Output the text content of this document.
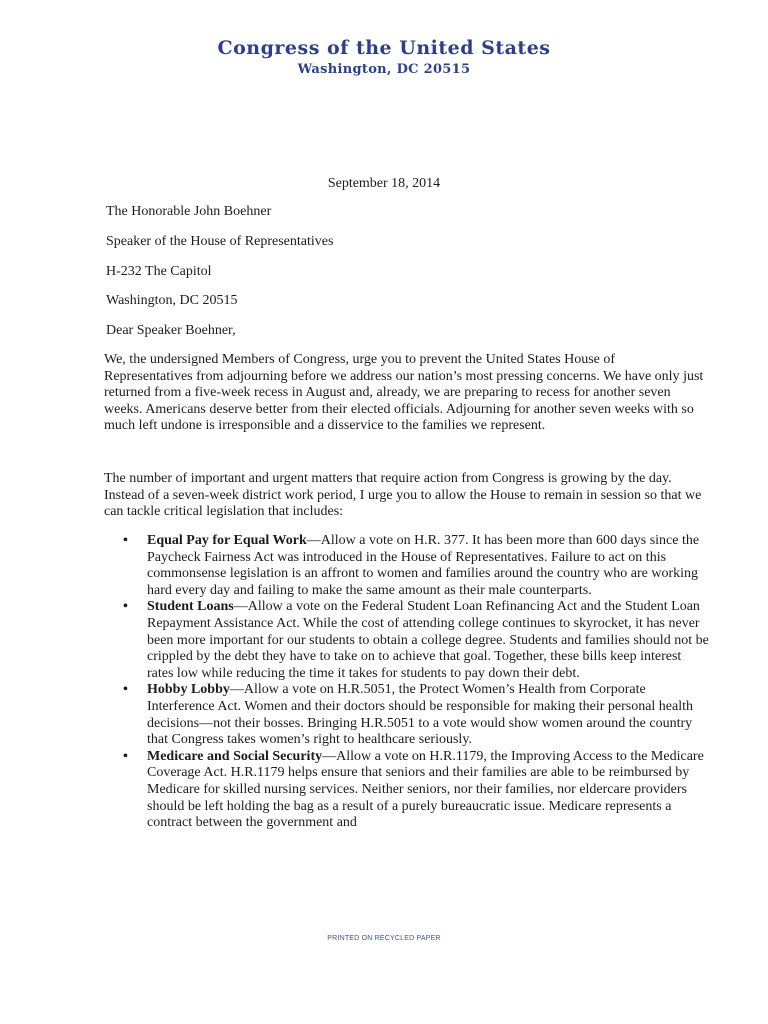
Congress of the United States
Washington, DC 20515
September 18, 2014
The Honorable John Boehner
Speaker of the House of Representatives
H-232 The Capitol
Washington, DC 20515
Dear Speaker Boehner,
We, the undersigned Members of Congress, urge you to prevent the United States House of Representatives from adjourning before we address our nation’s most pressing concerns. We have only just returned from a five-week recess in August and, already, we are preparing to recess for another seven weeks. Americans deserve better from their elected officials. Adjourning for another seven weeks with so much left undone is irresponsible and a disservice to the families we represent.
The number of important and urgent matters that require action from Congress is growing by the day. Instead of a seven-week district work period, I urge you to allow the House to remain in session so that we can tackle critical legislation that includes:
• Equal Pay for Equal Work—Allow a vote on H.R. 377. It has been more than 600 days since the Paycheck Fairness Act was introduced in the House of Representatives. Failure to act on this commonsense legislation is an affront to women and families around the country who are working hard every day and failing to make the same amount as their male counterparts.
• Student Loans—Allow a vote on the Federal Student Loan Refinancing Act and the Student Loan Repayment Assistance Act. While the cost of attending college continues to skyrocket, it has never been more important for our students to obtain a college degree. Students and families should not be crippled by the debt they have to take on to achieve that goal. Together, these bills keep interest rates low while reducing the time it takes for students to pay down their debt.
• Hobby Lobby—Allow a vote on H.R.5051, the Protect Women’s Health from Corporate Interference Act. Women and their doctors should be responsible for making their personal health decisions—not their bosses. Bringing H.R.5051 to a vote would show women around the country that Congress takes women’s right to healthcare seriously.
• Medicare and Social Security—Allow a vote on H.R.1179, the Improving Access to the Medicare Coverage Act. H.R.1179 helps ensure that seniors and their families are able to be reimbursed by Medicare for skilled nursing services. Neither seniors, nor their families, nor eldercare providers should be left holding the bag as a result of a purely bureaucratic issue. Medicare represents a contract between the government and
PRINTED ON RECYCLED PAPER
